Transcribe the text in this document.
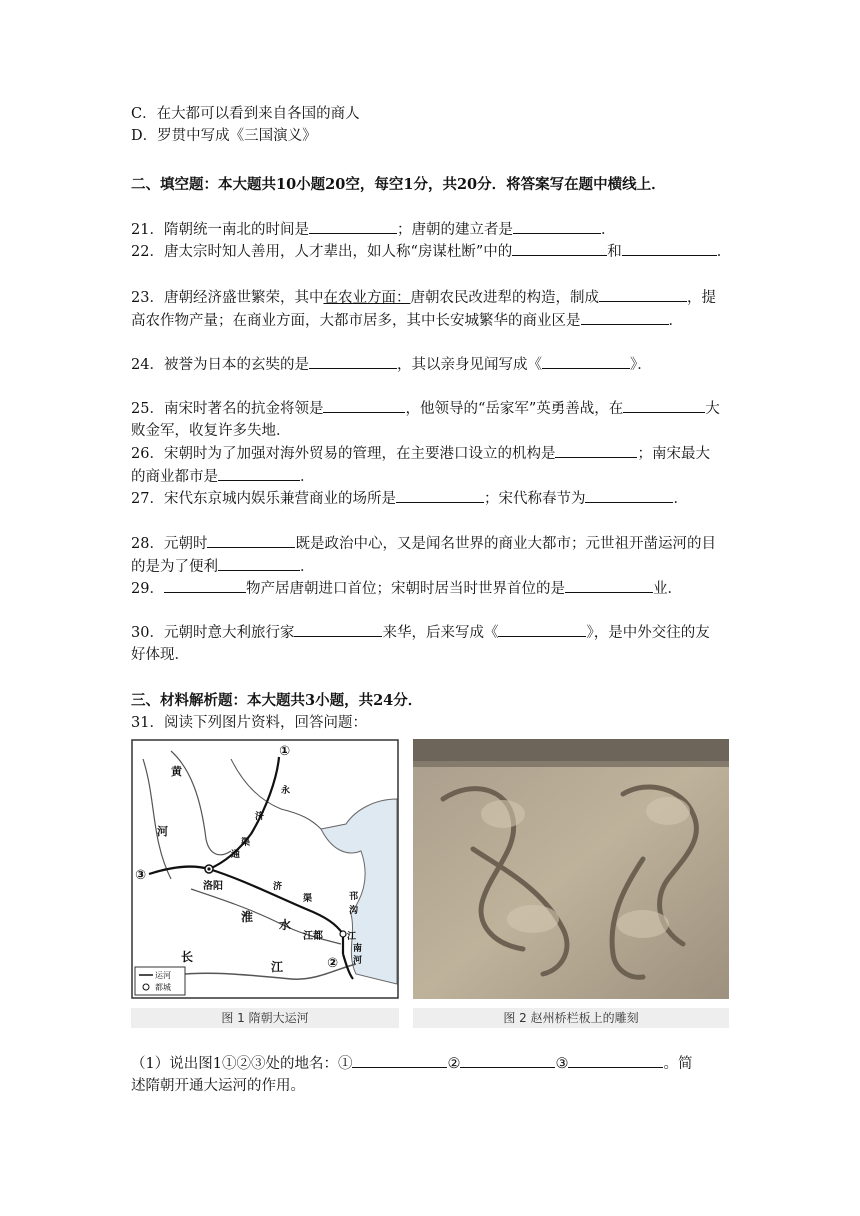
C．在大都可以看到来自各国的商人
D．罗贯中写成《三国演义》
二、填空题：本大题共10小题20空，每空1分，共20分．将答案写在题中横线上．
21．隋朝统一南北的时间是	；唐朝的建立者是	．
22．唐太宗时知人善用，人才辈出，如人称“房谋杜断”中的	和	．
23．唐朝经济盛世繁荣，其中在农业方面：唐朝农民改进犁的构造，制成	，提
高农作物产量；在商业方面，大都市居多，其中长安城繁华的商业区是	．
24．被誉为日本的玄奘的是	，其以亲身见闻写成《	》．
25．南宋时著名的抗金将领是	，他领导的“岳家军”英勇善战，在	大
败金军，收复许多失地．
26．宋朝时为了加强对海外贸易的管理，在主要港口设立的机构是	；南宋最大
的商业都市是	．
27．宋代东京城内娱乐兼营商业的场所是	；宋代称春节为	．
28．元朝时	既是政治中心，又是闻名世界的商业大都市；元世祖开凿运河的目
的是为了便利	．
29．	物产居唐朝进口首位；宋朝时居当时世界首位的是	业．
30．元朝时意大利旅行家	来华，后来写成《	》，是中外交往的友
好体现．
三、材料解析题：本大题共3小题，共24分．
31．阅读下列图片资料，回答问题：
①
黄
永
济
渠
河
③
洛阳
通
济
渠
淮
水
江都
邗
沟
江
南
河
长
江	②
运河
都城
图 1 隋朝大运河	图 2 赵州桥栏板上的雕刻
（1）说出图1①②③处的地名：①	②	③	。简
述隋朝开通大运河的作用。
